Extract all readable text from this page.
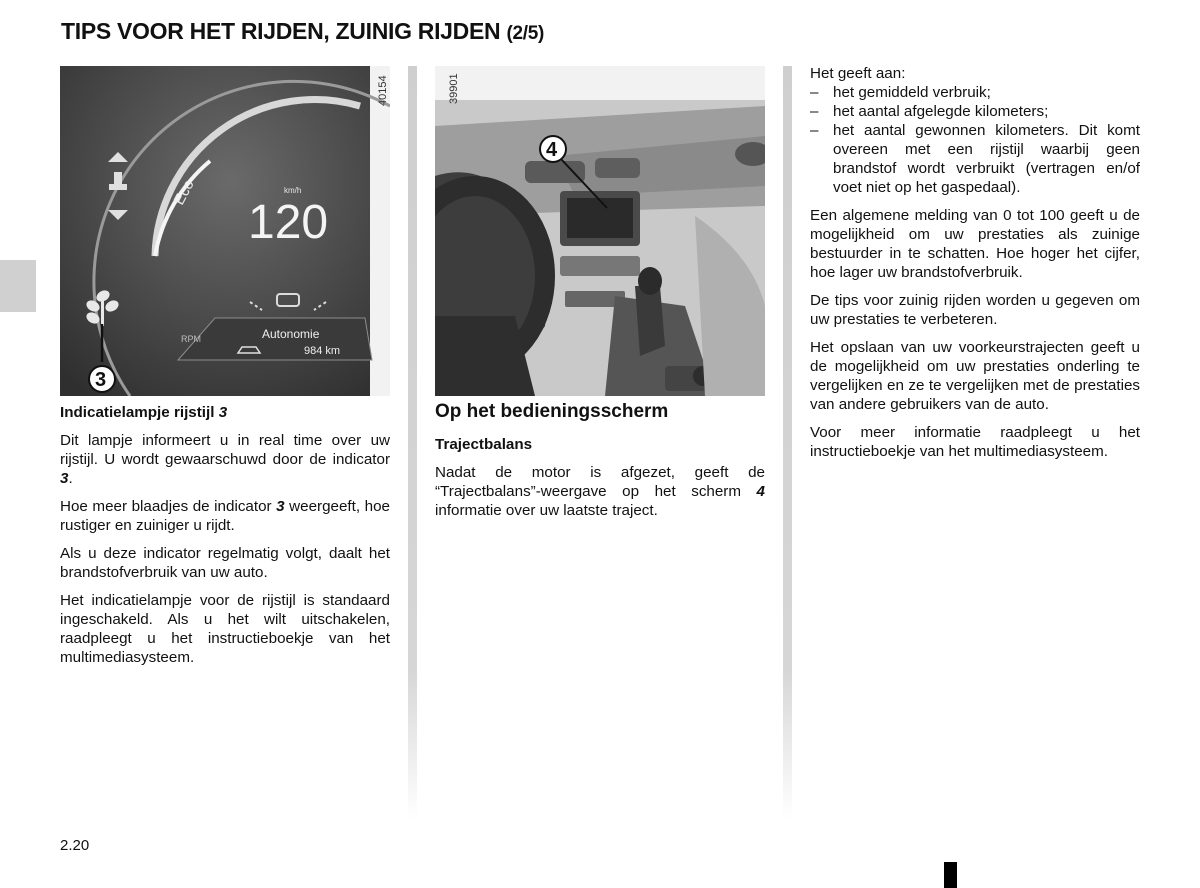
TIPS VOOR HET RIJDEN, ZUINIG RIJDEN (2/5)
Eco	km/h
120
RPM	Autonomie
984 km
40154
3
39901
4

Indicatielampje rijstijl 3

Dit lampje informeert u in real time over uw rijstijl. U wordt gewaarschuwd door de indicator 3.

Hoe meer blaadjes de indicator 3 weergeeft, hoe rustiger en zuiniger u rijdt.

Als u deze indicator regelmatig volgt, daalt het brandstofverbruik van uw auto.

Het indicatielampje voor de rijstijl is standaard ingeschakeld. Als u het wilt uitschakelen, raadpleegt u het instructieboekje van het multimediasysteem.

Op het bedieningsscherm

Trajectbalans

Nadat de motor is afgezet, geeft de “Trajectbalans”-weergave op het scherm 4 informatie over uw laatste traject.

Het geeft aan:

– het gemiddeld verbruik;
– het aantal afgelegde kilometers;
– het aantal gewonnen kilometers. Dit komt overeen met een rijstijl waarbij geen brandstof wordt verbruikt (vertragen en/of voet niet op het gaspedaal).

Een algemene melding van 0 tot 100 geeft u de mogelijkheid om uw prestaties als zuinige bestuurder in te schatten. Hoe hoger het cijfer, hoe lager uw brandstofverbruik.

De tips voor zuinig rijden worden u gegeven om uw prestaties te verbeteren.

Het opslaan van uw voorkeurstrajecten geeft u de mogelijkheid om uw prestaties onderling te vergelijken en ze te vergelijken met de prestaties van andere gebruikers van de auto.

Voor meer informatie raadpleegt u het instructieboekje van het multimediasysteem.

2.20
